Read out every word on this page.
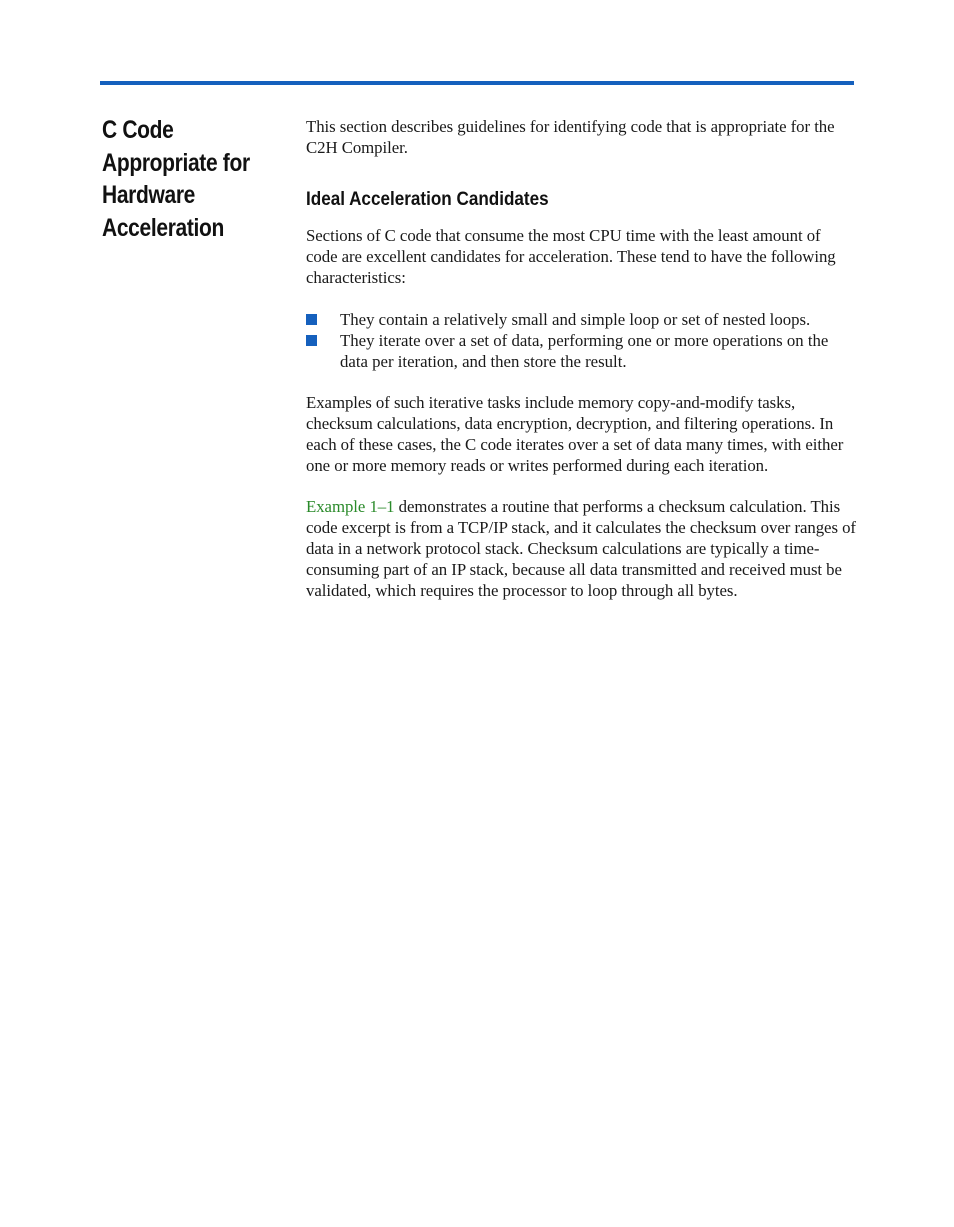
C Code
Appropriate for
Hardware
Acceleration

This section describes guidelines for identifying code that is appropriate for the C2H Compiler.

Ideal Acceleration Candidates

Sections of C code that consume the most CPU time with the least amount of code are excellent candidates for acceleration. These tend to have the following characteristics:

They contain a relatively small and simple loop or set of nested loops.
They iterate over a set of data, performing one or more operations on the data per iteration, and then store the result.

Examples of such iterative tasks include memory copy-and-modify tasks, checksum calculations, data encryption, decryption, and filtering operations. In each of these cases, the C code iterates over a set of data many times, with either one or more memory reads or writes performed during each iteration.

Example 1–1 demonstrates a routine that performs a checksum calculation. This code excerpt is from a TCP/IP stack, and it calculates the checksum over ranges of data in a network protocol stack. Checksum calculations are typically a time-consuming part of an IP stack, because all data transmitted and received must be validated, which requires the processor to loop through all bytes.
